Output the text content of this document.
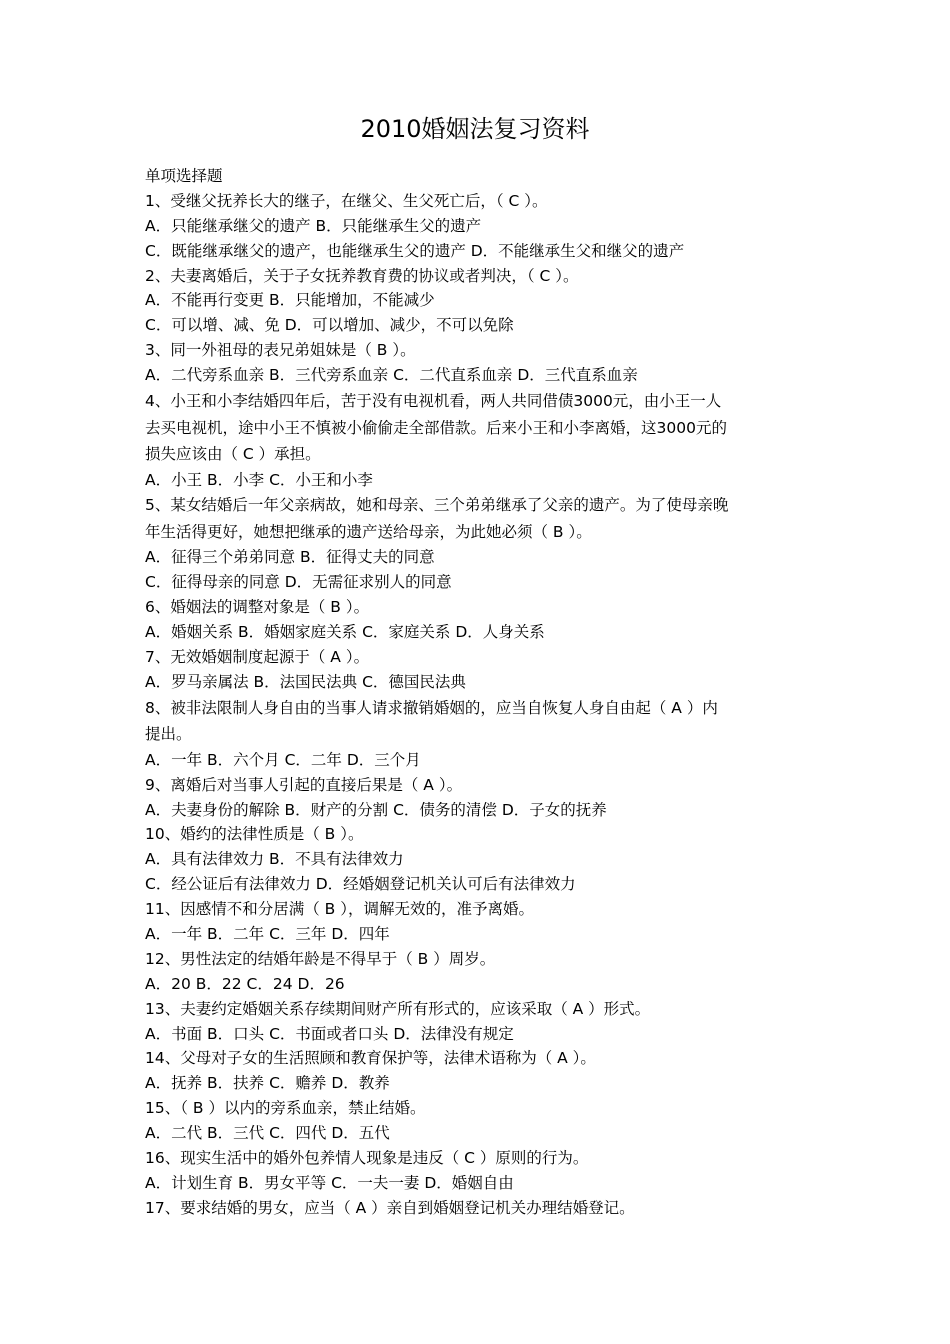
2010婚姻法复习资料
单项选择题
1、受继父抚养长大的继子，在继父、生父死亡后，（ C ）。
A．只能继承继父的遗产 B．只能继承生父的遗产
C．既能继承继父的遗产，也能继承生父的遗产 D．不能继承生父和继父的遗产
2、夫妻离婚后，关于子女抚养教育费的协议或者判决，（ C ）。
A．不能再行变更 B．只能增加，不能减少
C．可以增、减、免 D．可以增加、减少，不可以免除
3、同一外祖母的表兄弟姐妹是（ B ）。
A．二代旁系血亲 B．三代旁系血亲 C．二代直系血亲 D．三代直系血亲
4、小王和小李结婚四年后，苦于没有电视机看，两人共同借债3000元，由小王一人
去买电视机，途中小王不慎被小偷偷走全部借款。后来小王和小李离婚，这3000元的
损失应该由（ C ）承担。
A．小王 B．小李 C．小王和小李
5、某女结婚后一年父亲病故，她和母亲、三个弟弟继承了父亲的遗产。为了使母亲晚
年生活得更好，她想把继承的遗产送给母亲，为此她必须（ B ）。
A．征得三个弟弟同意 B．征得丈夫的同意
C．征得母亲的同意 D．无需征求别人的同意
6、婚姻法的调整对象是（ B ）。
A．婚姻关系 B．婚姻家庭关系 C．家庭关系 D．人身关系
7、无效婚姻制度起源于（ A ）。
A．罗马亲属法 B．法国民法典 C．德国民法典
8、被非法限制人身自由的当事人请求撤销婚姻的，应当自恢复人身自由起（ A ）内
提出。
A．一年 B．六个月 C．二年 D．三个月
9、离婚后对当事人引起的直接后果是（ A ）。
A．夫妻身份的解除 B．财产的分割 C．债务的清偿 D．子女的抚养
10、婚约的法律性质是（ B ）。
A．具有法律效力 B．不具有法律效力
C．经公证后有法律效力 D．经婚姻登记机关认可后有法律效力
11、因感情不和分居满（ B ），调解无效的，准予离婚。
A．一年 B．二年 C．三年 D．四年
12、男性法定的结婚年龄是不得早于（ B ）周岁。
A．20 B．22 C．24 D．26
13、夫妻约定婚姻关系存续期间财产所有形式的，应该采取（ A ）形式。
A．书面 B．口头 C．书面或者口头 D．法律没有规定
14、父母对子女的生活照顾和教育保护等，法律术语称为（ A ）。
A．抚养 B．扶养 C．赡养 D．教养
15、（ B ）以内的旁系血亲，禁止结婚。
A．二代 B．三代 C．四代 D．五代
16、现实生活中的婚外包养情人现象是违反（ C ）原则的行为。
A．计划生育 B．男女平等 C．一夫一妻 D．婚姻自由
17、要求结婚的男女，应当（ A ）亲自到婚姻登记机关办理结婚登记。
